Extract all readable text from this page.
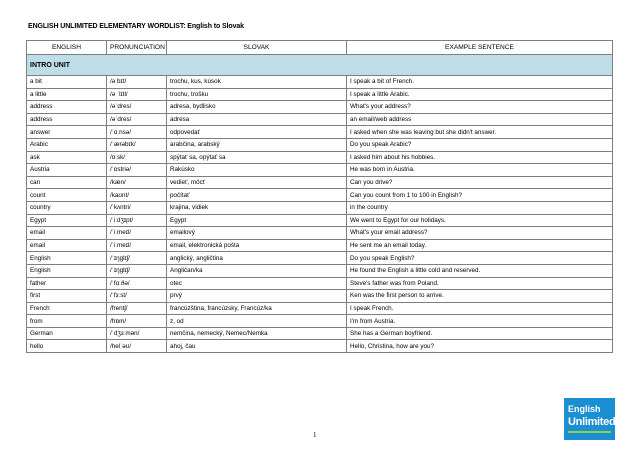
ENGLISH UNLIMITED ELEMENTARY WORDLIST: English to Slovak
ENGLISH	PRONUNCIATION	SLOVAK	EXAMPLE SENTENCE
INTRO UNIT			
a bit	/ə bɪt/	trochu, kus, kúsok	I speak a bit of French.
a little	/ə ˈlɪtl/	trochu, trošku	I speak a little Arabic.
address	/əˈdres/	adresa, bydlisko	What's your address?
address	/əˈdres/	adresa	an email/web address
answer	/ˈɑːnsə/	odpovedať	I asked when she was leaving but she didn't answer.
Arabic	/ˈærəbɪk/	arabčina, arabský	Do you speak Arabic?
ask	/ɑːsk/	spýtať sa, opýtať sa	I asked him about his hobbies.
Austria	/ˈɒstriə/	Rakúsko	He was born in Austria.
can	/kæn/	vedieť, môcť	Can you drive?
count	/kaʊnt/	počítať	Can you count from 1 to 100 in English?
country	/ˈkʌntri/	krajina, vidiek	in the country
Egypt	/ˈiːdʒɪpt/	Egypt	We went to Egypt for our holidays.
email	/ˈiːmeɪl/	emailový	What's your email address?
email	/ˈiːmeɪl/	email, elektronická pošta	He sent me an email today.
English	/ˈɪŋglɪʃ/	anglický, angličtina	Do you speak English?
English	/ˈɪŋglɪʃ/	Angličan/ka	He found the English a little cold and reserved.
father	/ˈfɑːðə/	otec	Steve's father was from Poland.
first	/ˈfɜːst/	prvý	Ken was the first person to arrive.
French	/frentʃ/	francúzština, francúzsky, Francúz/ka	I speak French.
from	/frɒm/	z, od	I'm from Austria.
German	/ˈdʒɜːmən/	nemčina, nemecký, Nemec/Nemka	She has a German boyfriend.
hello	/helˈəʊ/	ahoj, čau	Hello, Christina, how are you?
1
English
Unlimited
